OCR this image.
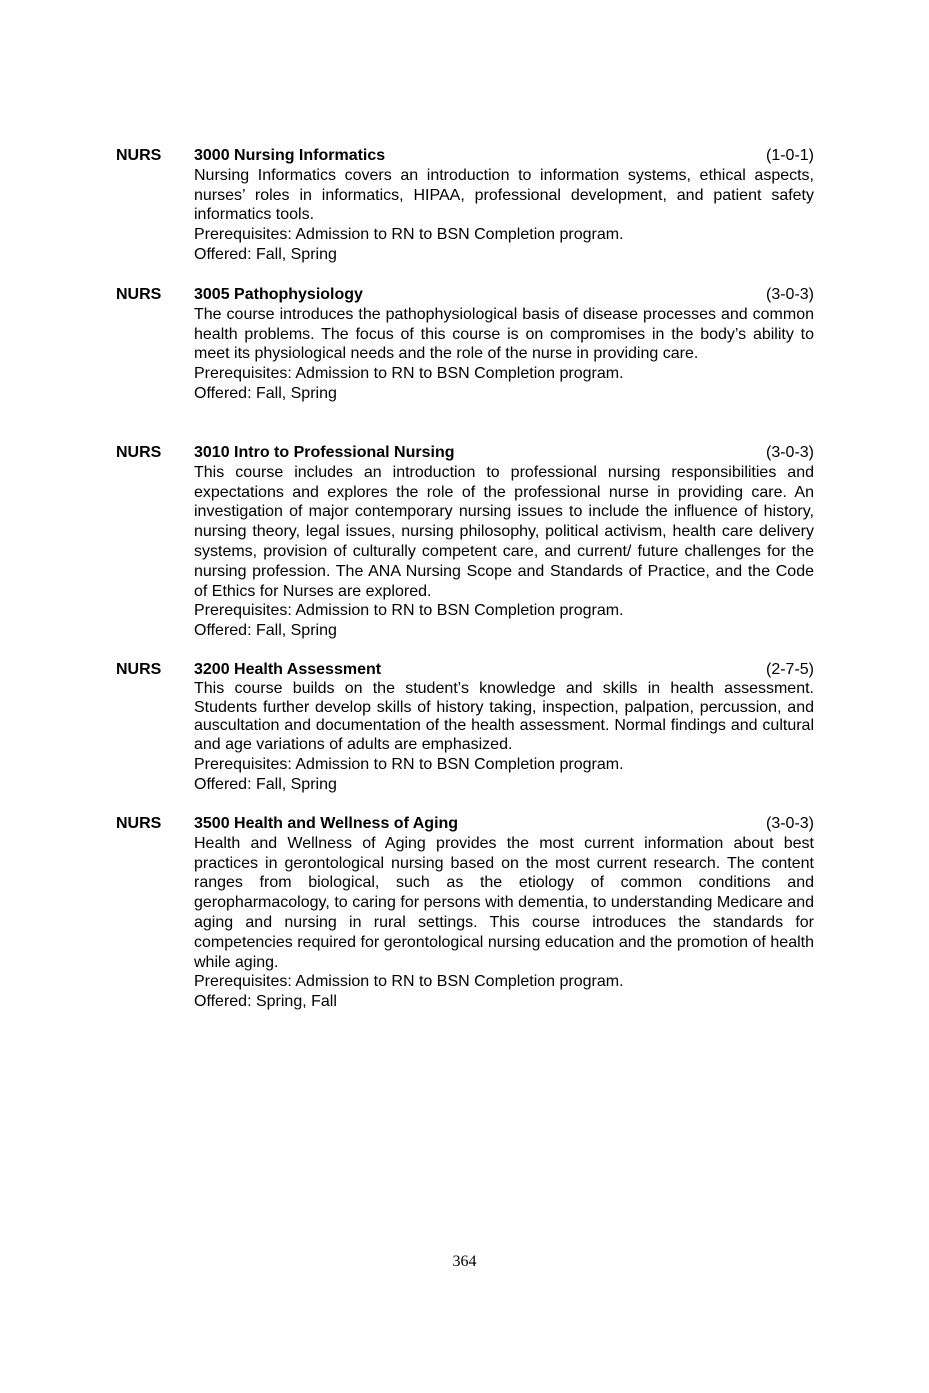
NURS	3000 Nursing Informatics	(1-0-1)

Nursing Informatics covers an introduction to information systems, ethical aspects, nurses’ roles in informatics, HIPAA, professional development, and patient safety informatics tools.

Prerequisites: Admission to RN to BSN Completion program.
Offered: Fall, Spring
NURS	3005 Pathophysiology	(3-0-3)

The course introduces the pathophysiological basis of disease processes and common health problems. The focus of this course is on compromises in the body’s ability to meet its physiological needs and the role of the nurse in providing care.

Prerequisites: Admission to RN to BSN Completion program.
Offered: Fall, Spring
NURS	3010 Intro to Professional Nursing	(3-0-3)

This course includes an introduction to professional nursing responsibilities and expectations and explores the role of the professional nurse in providing care. An investigation of major contemporary nursing issues to include the influence of history, nursing theory, legal issues, nursing philosophy, political activism, health care delivery systems, provision of culturally competent care, and current/ future challenges for the nursing profession. The ANA Nursing Scope and Standards of Practice, and the Code of Ethics for Nurses are explored.

Prerequisites: Admission to RN to BSN Completion program.
Offered: Fall, Spring
NURS	3200 Health Assessment	(2-7-5)

This course builds on the student’s knowledge and skills in health assessment. Students further develop skills of history taking, inspection, palpation, percussion, and auscultation and documentation of the health assessment. Normal findings and cultural and age variations of adults are emphasized.

Prerequisites: Admission to RN to BSN Completion program.
Offered: Fall, Spring
NURS	3500 Health and Wellness of Aging	(3-0-3)

Health and Wellness of Aging provides the most current information about best practices in gerontological nursing based on the most current research. The content ranges from biological, such as the etiology of common conditions and geropharmacology, to caring for persons with dementia, to understanding Medicare and aging and nursing in rural settings. This course introduces the standards for competencies required for gerontological nursing education and the promotion of health while aging.

Prerequisites: Admission to RN to BSN Completion program.
Offered: Spring, Fall
364
